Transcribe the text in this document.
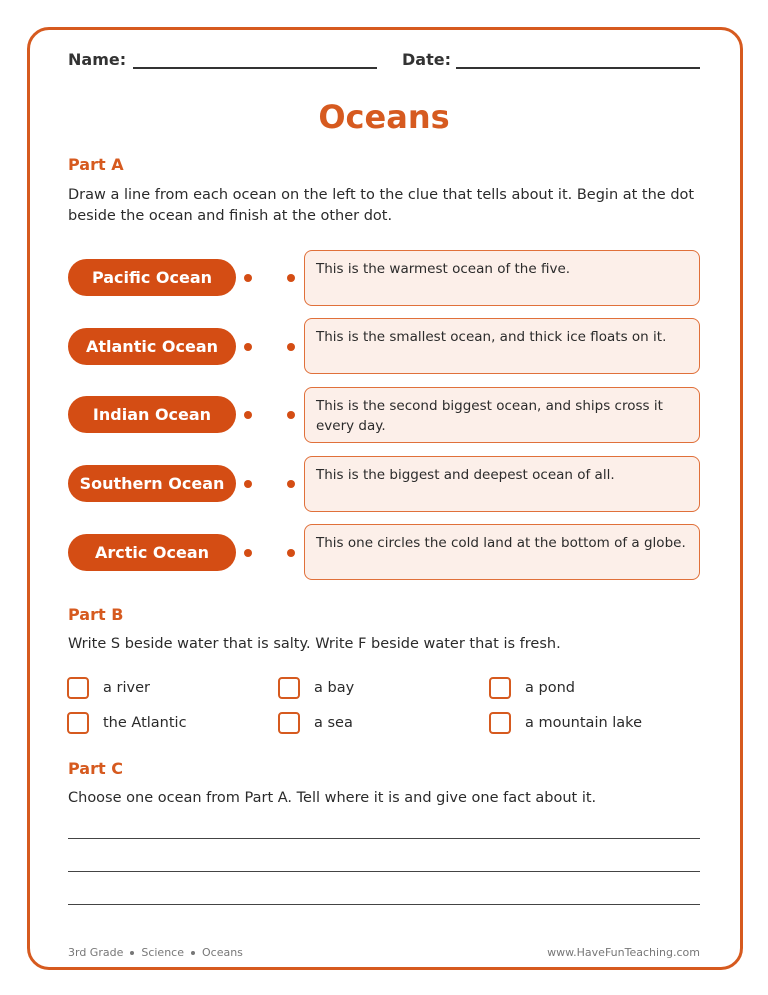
Name:	Date:
Oceans
Part A
Draw a line from each ocean on the left to the clue that tells about it. Begin at the dot beside the ocean and finish at the other dot.
Pacific Ocean
Atlantic Ocean
Indian Ocean
Southern Ocean
Arctic Ocean
This is the warmest ocean of the five.
This is the smallest ocean, and thick ice floats on it.
This is the second biggest ocean, and ships cross it every day.
This is the biggest and deepest ocean of all.
This one circles the cold land at the bottom of a globe.
Part B
Write S beside water that is salty. Write F beside water that is fresh.
a river	a bay	a pond
the Atlantic	a sea	a mountain lake
Part C
Choose one ocean from Part A. Tell where it is and give one fact about it.
3rd Grade Science Oceans	www.HaveFunTeaching.com
